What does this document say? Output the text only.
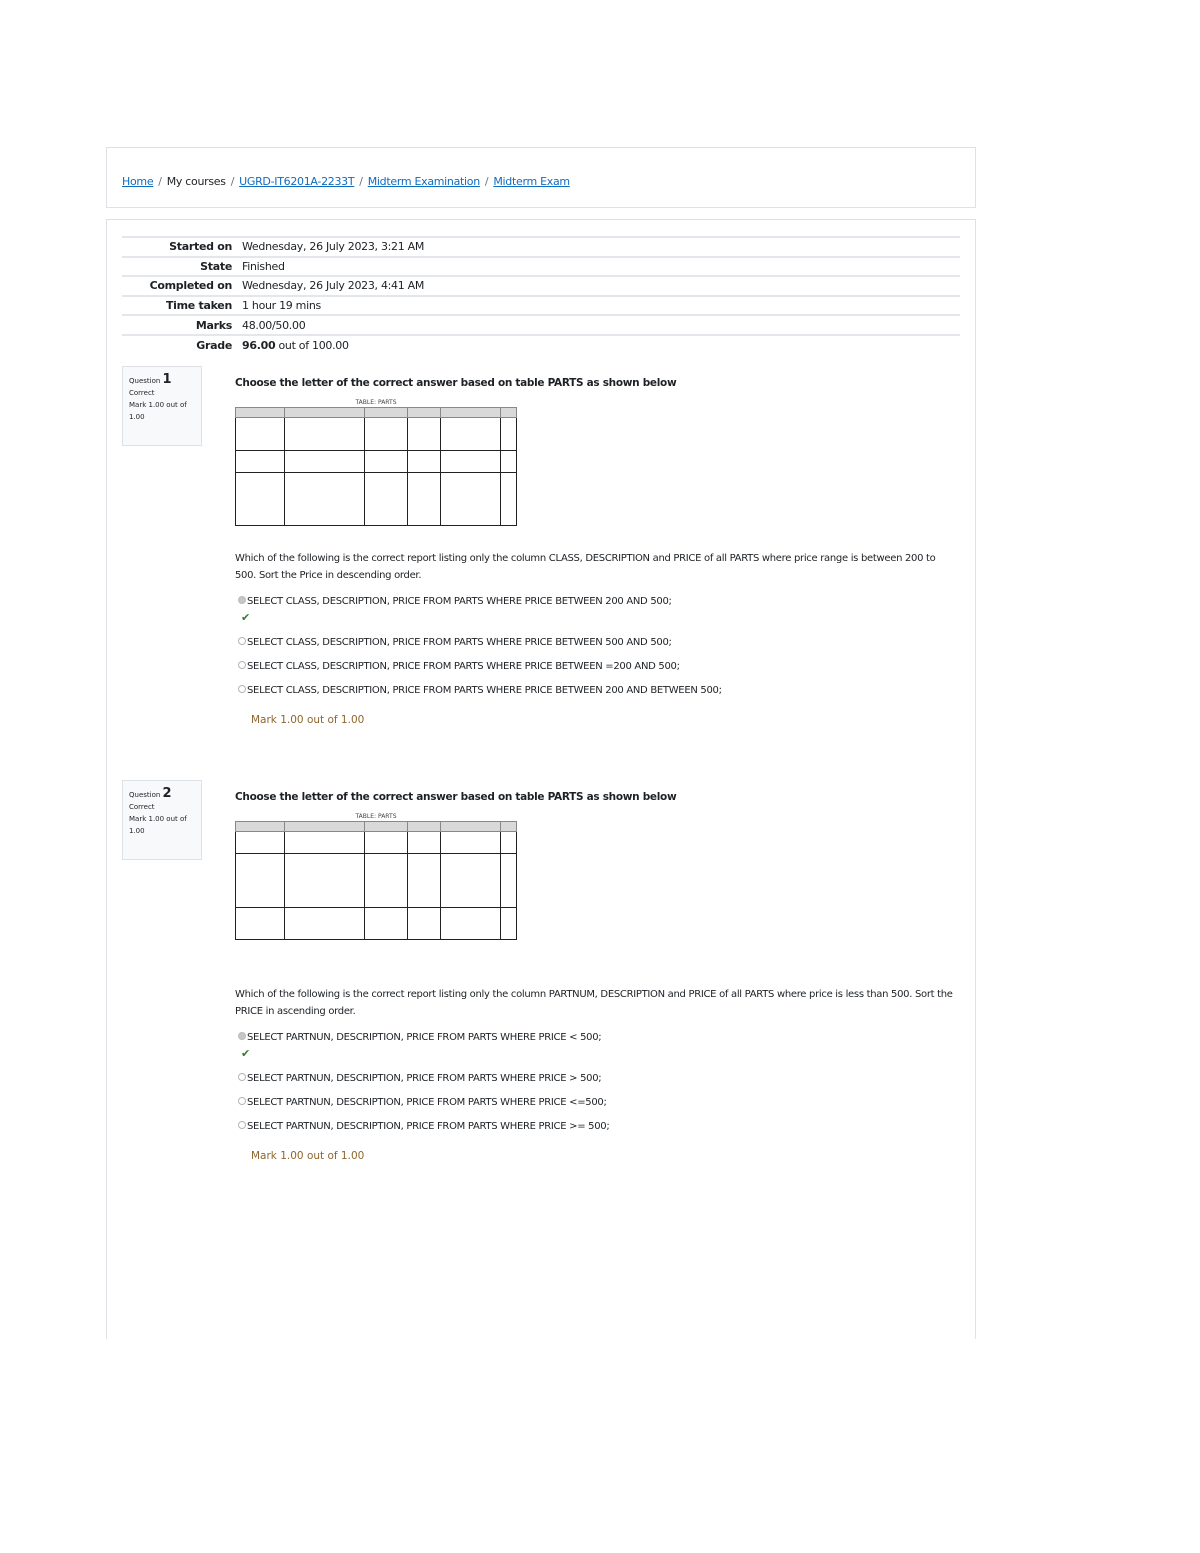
Home / My courses / UGRD-IT6201A-2233T / Midterm Examination / Midterm Exam
Started on	Wednesday, 26 July 2023, 3:21 AM
State	Finished
Completed on	Wednesday, 26 July 2023, 4:41 AM
Time taken	1 hour 19 mins
Marks	48.00/50.00
Grade	96.00 out of 100.00
Question 1
Correct
Mark 1.00 out of 1.00
Choose the letter of the correct answer based on table PARTS as shown below
TABLE: PARTS

Which of the following is the correct report listing only the column CLASS, DESCRIPTION and PRICE of all PARTS where price range is between 200 to 500. Sort the Price in descending order.
SELECT CLASS, DESCRIPTION, PRICE FROM PARTS WHERE PRICE BETWEEN 200 AND 500;
✔
SELECT CLASS, DESCRIPTION, PRICE FROM PARTS WHERE PRICE BETWEEN 500 AND 500;
SELECT CLASS, DESCRIPTION, PRICE FROM PARTS WHERE PRICE BETWEEN =200 AND 500;
SELECT CLASS, DESCRIPTION, PRICE FROM PARTS WHERE PRICE BETWEEN 200 AND BETWEEN 500;
Mark 1.00 out of 1.00
Question 2
Correct
Mark 1.00 out of 1.00
Choose the letter of the correct answer based on table PARTS as shown below
TABLE: PARTS

Which of the following is the correct report listing only the column PARTNUM, DESCRIPTION and PRICE of all PARTS where price is less than 500. Sort the PRICE in ascending order.
SELECT PARTNUN, DESCRIPTION, PRICE FROM PARTS WHERE PRICE < 500;
✔
SELECT PARTNUN, DESCRIPTION, PRICE FROM PARTS WHERE PRICE > 500;
SELECT PARTNUN, DESCRIPTION, PRICE FROM PARTS WHERE PRICE <=500;
SELECT PARTNUN, DESCRIPTION, PRICE FROM PARTS WHERE PRICE >= 500;
Mark 1.00 out of 1.00
